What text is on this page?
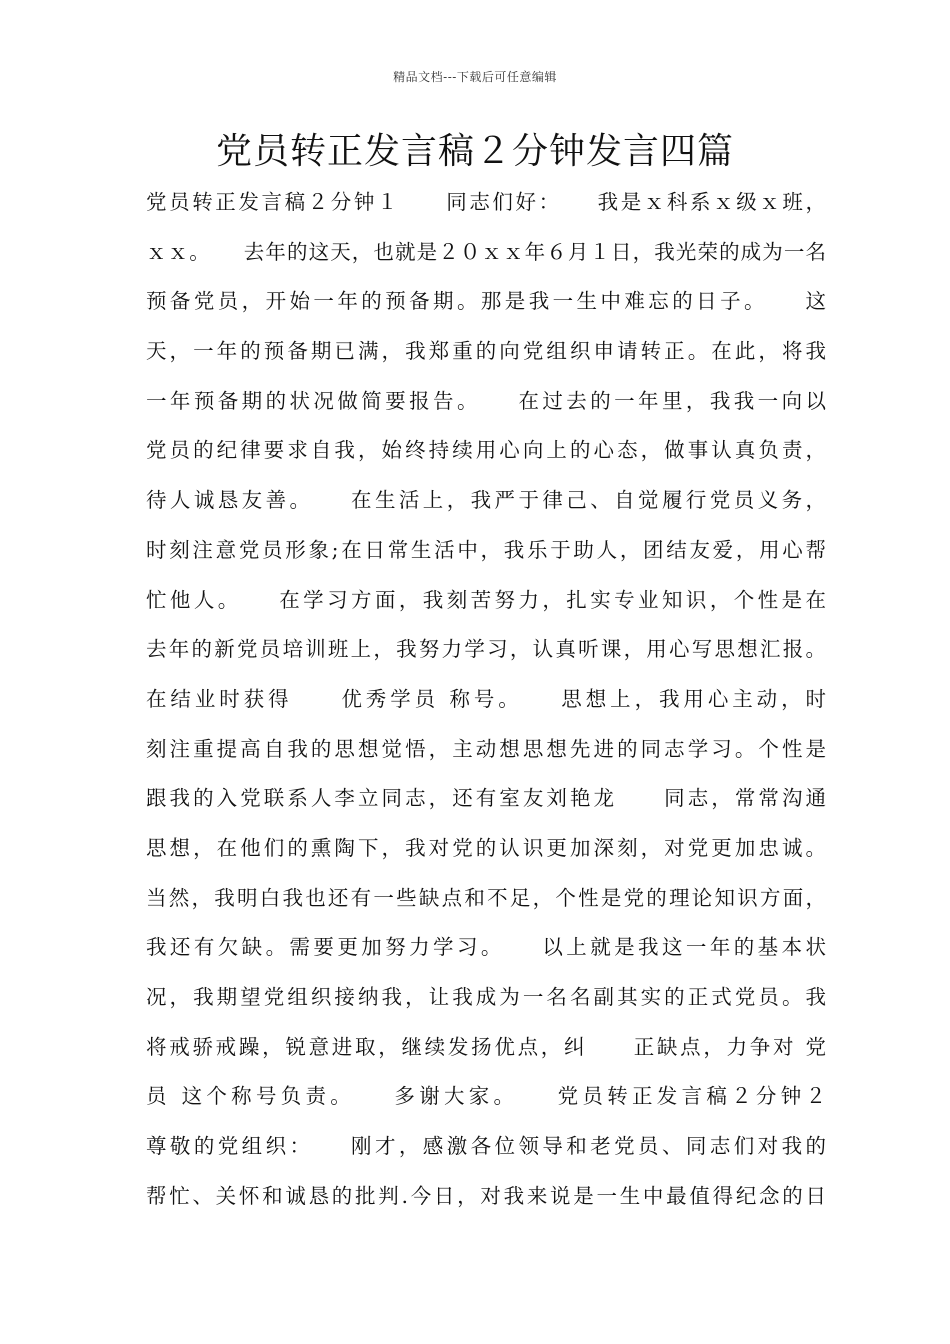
精品文档---下载后可任意编辑
党员转正发言稿２分钟发言四篇
党员转正发言稿２分钟１　　同志们好：　　我是ｘ科系ｘ级ｘ班，
ｘｘ。　　去年的这天，也就是２０ｘｘ年６月１日，我光荣的成为一名
预备党员，开始一年的预备期。那是我一生中难忘的日子。　　这
天，一年的预备期已满，我郑重的向党组织申请转正。在此，将我
一年预备期的状况做简要报告。　　在过去的一年里，我我一向以
党员的纪律要求自我，始终持续用心向上的心态，做事认真负责，
待人诚恳友善。　　在生活上，我严于律己、自觉履行党员义务，
时刻注意党员形象;在日常生活中，我乐于助人，团结友爱，用心帮
忙他人。　　在学习方面，我刻苦努力，扎实专业知识，个性是在
去年的新党员培训班上，我努力学习，认真听课，用心写思想汇报。
在结业时获得　　优秀学员 称号。　　思想上，我用心主动，时
刻注重提高自我的思想觉悟，主动想思想先进的同志学习。个性是
跟我的入党联系人李立同志，还有室友刘艳龙　　同志，常常沟通
思想，在他们的熏陶下，我对党的认识更加深刻，对党更加忠诚。
当然，我明白我也还有一些缺点和不足，个性是党的理论知识方面，
我还有欠缺。需要更加努力学习。　　以上就是我这一年的基本状
况，我期望党组织接纳我，让我成为一名名副其实的正式党员。我
将戒骄戒躁，锐意进取，继续发扬优点，纠　　正缺点，力争对 党
员 这个称号负责。　　多谢大家。　　党员转正发言稿２分钟２
尊敬的党组织：　　刚才，感激各位领导和老党员、同志们对我的
帮忙、关怀和诚恳的批判.今日，对我来说是一生中最值得纪念的日
